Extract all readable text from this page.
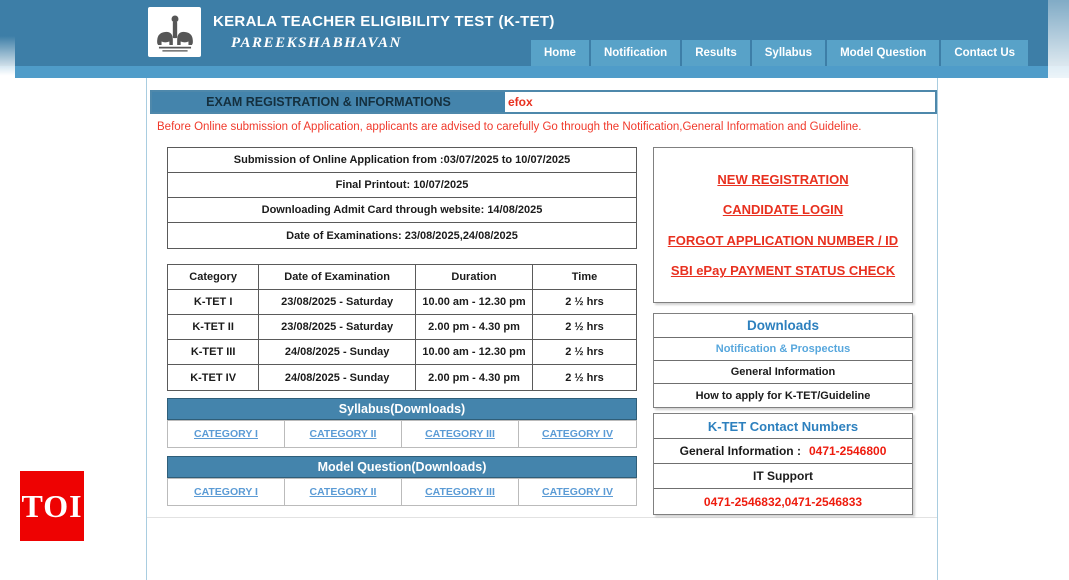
KERALA TEACHER ELIGIBILITY TEST (K-TET)
PAREEKSHABHAVAN
Home	Notification	Results	Syllabus	Model Question	Contact Us
EXAM REGISTRATION & INFORMATIONS	efox
Before Online submission of Application, applicants are advised to carefully Go through the Notification,General Information and Guideline.
Submission of Online Application from :03/07/2025 to 10/07/2025
Final Printout: 10/07/2025
Downloading Admit Card through website: 14/08/2025
Date of Examinations: 23/08/2025,24/08/2025
Category	Date of Examination	Duration	Time
K-TET I	23/08/2025 - Saturday	10.00 am - 12.30 pm	2 ½ hrs
K-TET II	23/08/2025 - Saturday	2.00 pm - 4.30 pm	2 ½ hrs
K-TET III	24/08/2025 - Sunday	10.00 am - 12.30 pm	2 ½ hrs
K-TET IV	24/08/2025 - Sunday	2.00 pm - 4.30 pm	2 ½ hrs
Syllabus(Downloads)
CATEGORY I	CATEGORY II	CATEGORY III	CATEGORY IV
Model Question(Downloads)
CATEGORY I	CATEGORY II	CATEGORY III	CATEGORY IV
NEW REGISTRATION
CANDIDATE LOGIN
FORGOT APPLICATION NUMBER / ID
SBI ePay PAYMENT STATUS CHECK
Downloads
Notification & Prospectus
General Information
How to apply for K-TET/Guideline
K-TET Contact Numbers
General Information : 0471-2546800
IT Support
0471-2546832,0471-2546833
TOI
